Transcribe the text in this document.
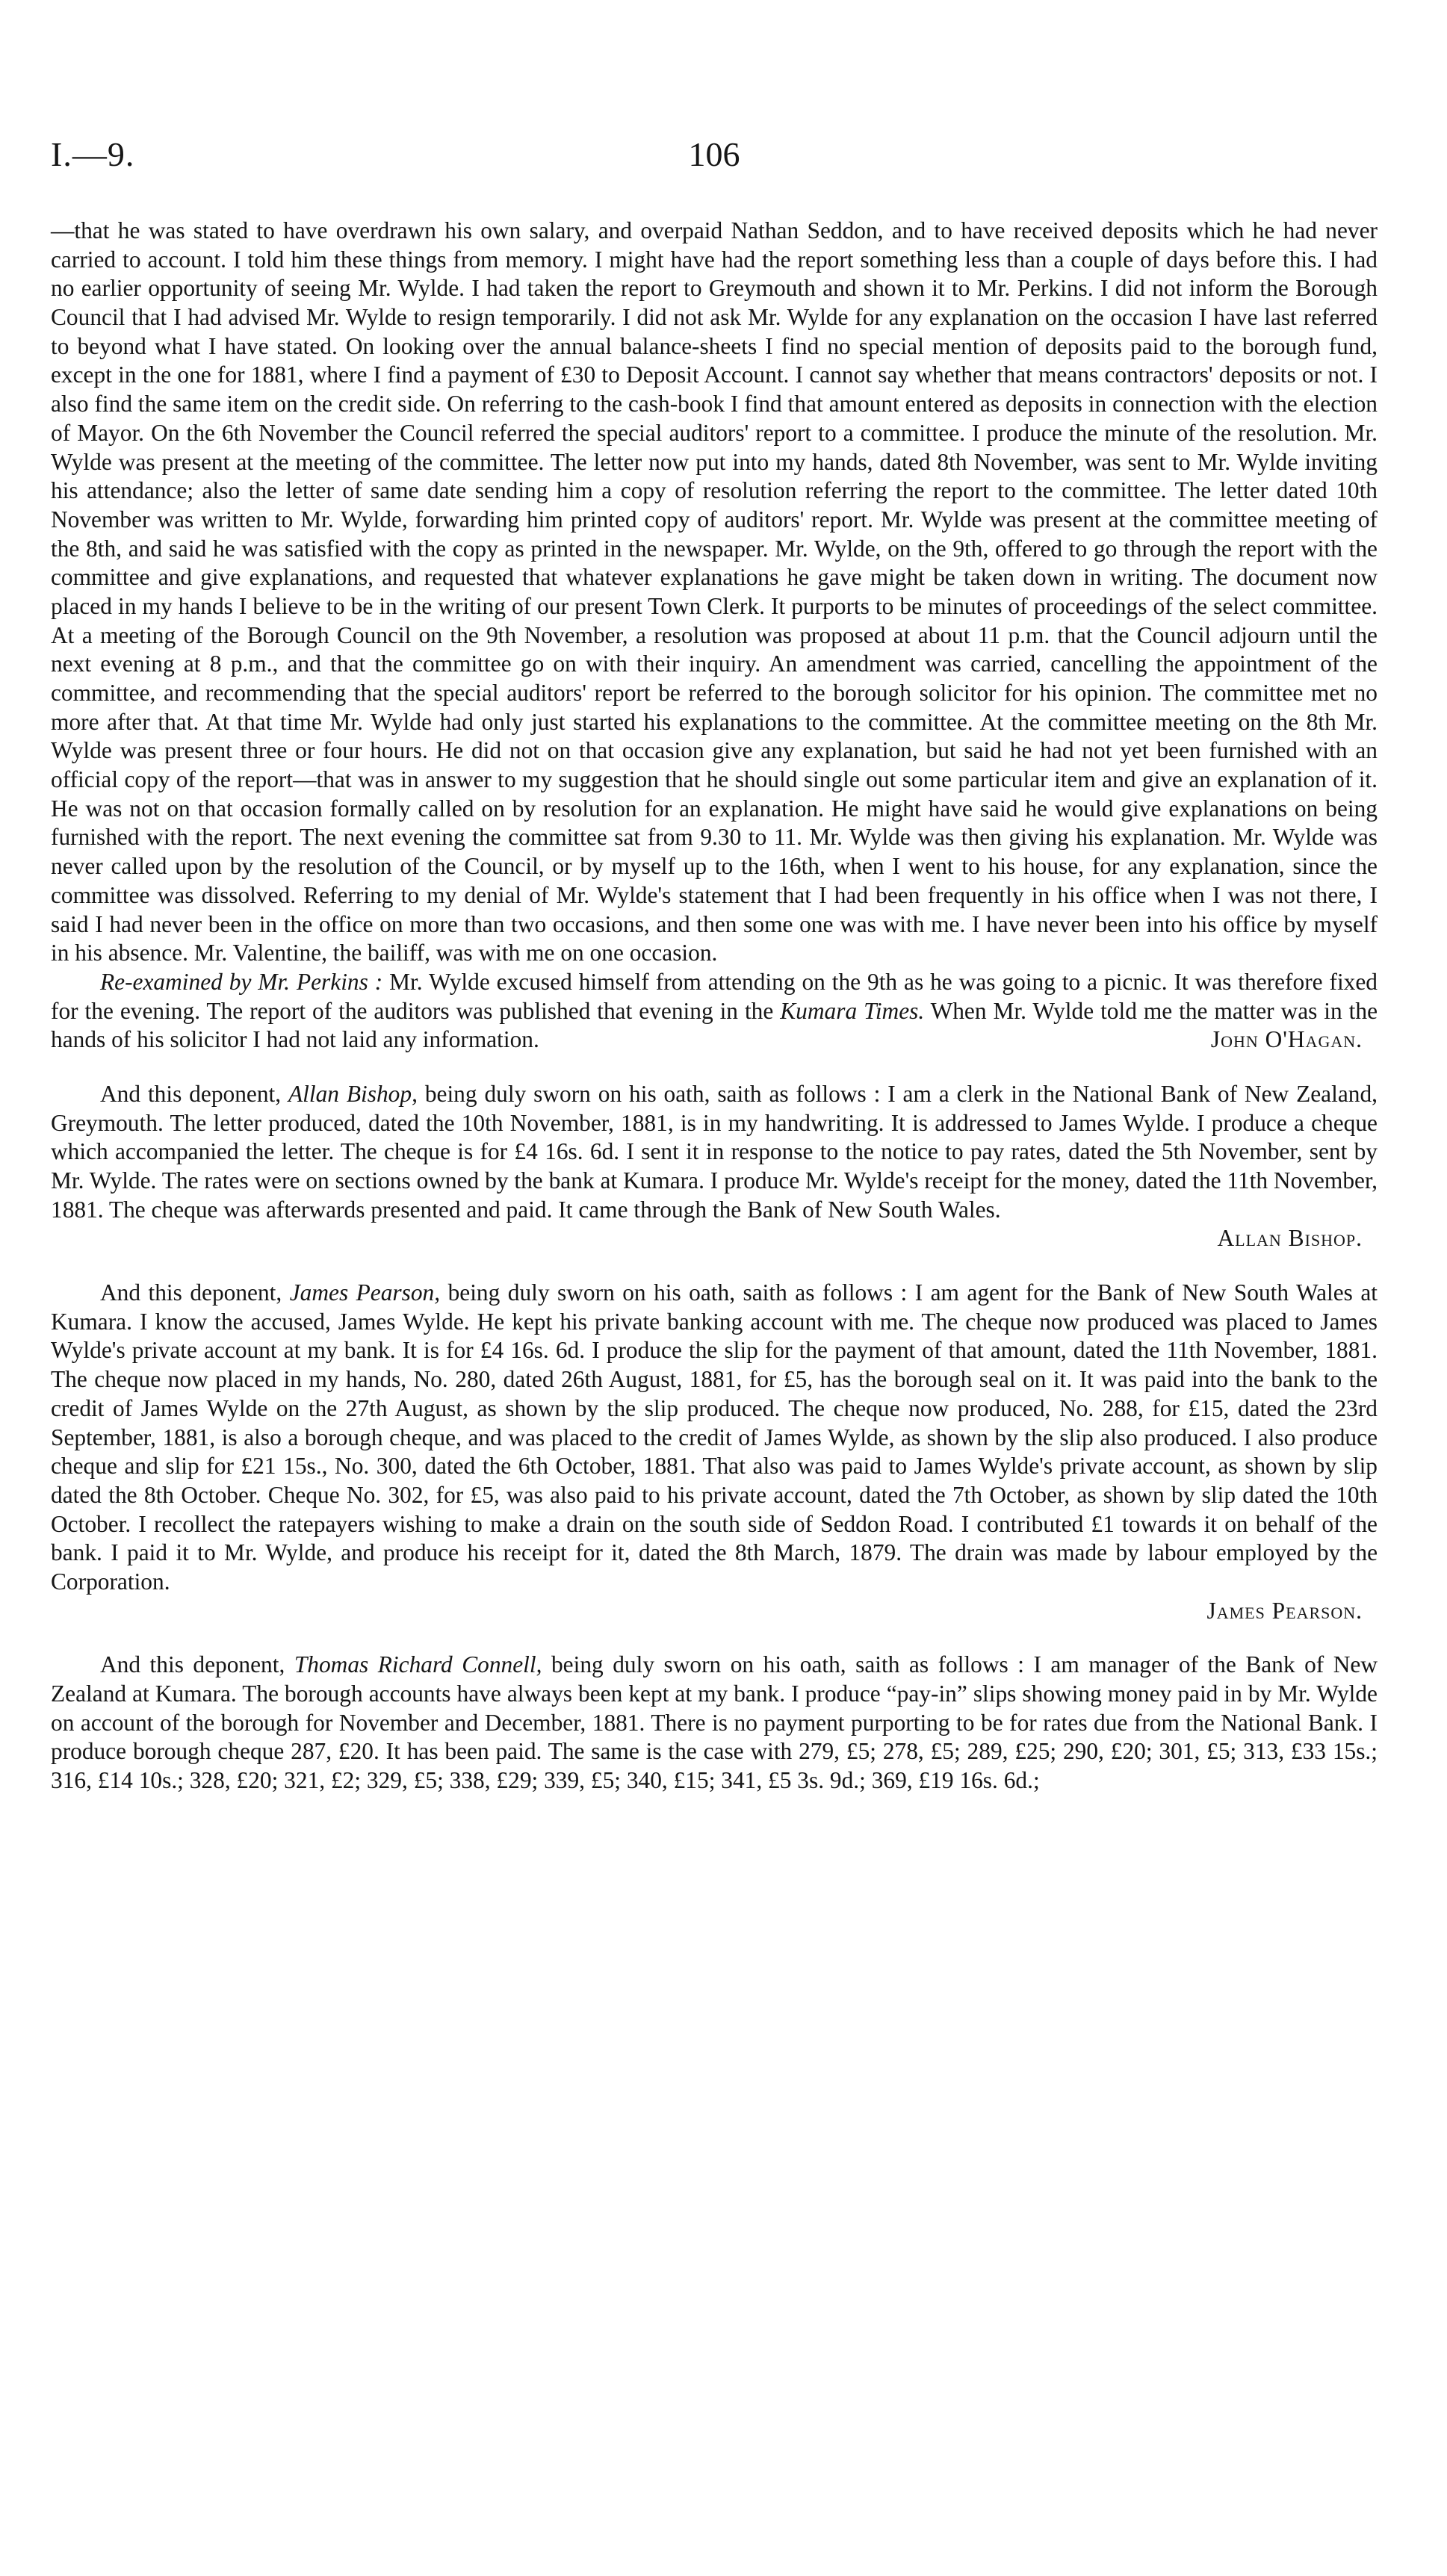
I.—9.	106

—that he was stated to have overdrawn his own salary, and overpaid Nathan Seddon, and to have received deposits which he had never carried to account. I told him these things from memory. I might have had the report something less than a couple of days before this. I had no earlier opportunity of seeing Mr. Wylde. I had taken the report to Greymouth and shown it to Mr. Perkins. I did not inform the Borough Council that I had advised Mr. Wylde to resign temporarily. I did not ask Mr. Wylde for any explanation on the occasion I have last referred to beyond what I have stated. On looking over the annual balance-sheets I find no special mention of deposits paid to the borough fund, except in the one for 1881, where I find a payment of £30 to Deposit Account. I cannot say whether that means contractors' deposits or not. I also find the same item on the credit side. On referring to the cash-book I find that amount entered as deposits in connection with the election of Mayor. On the 6th November the Council referred the special auditors' report to a committee. I produce the minute of the resolution. Mr. Wylde was present at the meeting of the committee. The letter now put into my hands, dated 8th November, was sent to Mr. Wylde inviting his attendance; also the letter of same date sending him a copy of resolution referring the report to the committee. The letter dated 10th November was written to Mr. Wylde, forwarding him printed copy of auditors' report. Mr. Wylde was present at the committee meeting of the 8th, and said he was satisfied with the copy as printed in the newspaper. Mr. Wylde, on the 9th, offered to go through the report with the committee and give explanations, and requested that whatever explanations he gave might be taken down in writing. The document now placed in my hands I believe to be in the writing of our present Town Clerk. It purports to be minutes of proceedings of the select committee. At a meeting of the Borough Council on the 9th November, a resolution was proposed at about 11 p.m. that the Council adjourn until the next evening at 8 p.m., and that the committee go on with their inquiry. An amendment was carried, cancelling the appointment of the committee, and recommending that the special auditors' report be referred to the borough solicitor for his opinion. The committee met no more after that. At that time Mr. Wylde had only just started his explanations to the committee. At the committee meeting on the 8th Mr. Wylde was present three or four hours. He did not on that occasion give any explanation, but said he had not yet been furnished with an official copy of the report—that was in answer to my suggestion that he should single out some particular item and give an explanation of it. He was not on that occasion formally called on by resolution for an explanation. He might have said he would give explanations on being furnished with the report. The next evening the committee sat from 9.30 to 11. Mr. Wylde was then giving his explanation. Mr. Wylde was never called upon by the resolution of the Council, or by myself up to the 16th, when I went to his house, for any explanation, since the committee was dissolved. Referring to my denial of Mr. Wylde's statement that I had been frequently in his office when I was not there, I said I had never been in the office on more than two occasions, and then some one was with me. I have never been into his office by myself in his absence. Mr. Valentine, the bailiff, was with me on one occasion.

Re-examined by Mr. Perkins : Mr. Wylde excused himself from attending on the 9th as he was going to a picnic. It was therefore fixed for the evening. The report of the auditors was published that evening in the Kumara Times. When Mr. Wylde told me the matter was in the hands of his solicitor I had not laid any information.	John O'Hagan.

And this deponent, Allan Bishop, being duly sworn on his oath, saith as follows : I am a clerk in the National Bank of New Zealand, Greymouth. The letter produced, dated the 10th November, 1881, is in my handwriting. It is addressed to James Wylde. I produce a cheque which accompanied the letter. The cheque is for £4 16s. 6d. I sent it in response to the notice to pay rates, dated the 5th November, sent by Mr. Wylde. The rates were on sections owned by the bank at Kumara. I produce Mr. Wylde's receipt for the money, dated the 11th November, 1881. The cheque was afterwards presented and paid. It came through the Bank of New South Wales.

Allan Bishop.

And this deponent, James Pearson, being duly sworn on his oath, saith as follows : I am agent for the Bank of New South Wales at Kumara. I know the accused, James Wylde. He kept his private banking account with me. The cheque now produced was placed to James Wylde's private account at my bank. It is for £4 16s. 6d. I produce the slip for the payment of that amount, dated the 11th November, 1881. The cheque now placed in my hands, No. 280, dated 26th August, 1881, for £5, has the borough seal on it. It was paid into the bank to the credit of James Wylde on the 27th August, as shown by the slip produced. The cheque now produced, No. 288, for £15, dated the 23rd September, 1881, is also a borough cheque, and was placed to the credit of James Wylde, as shown by the slip also produced. I also produce cheque and slip for £21 15s., No. 300, dated the 6th October, 1881. That also was paid to James Wylde's private account, as shown by slip dated the 8th October. Cheque No. 302, for £5, was also paid to his private account, dated the 7th October, as shown by slip dated the 10th October. I recollect the ratepayers wishing to make a drain on the south side of Seddon Road. I contributed £1 towards it on behalf of the bank. I paid it to Mr. Wylde, and produce his receipt for it, dated the 8th March, 1879. The drain was made by labour employed by the Corporation.

James Pearson.

And this deponent, Thomas Richard Connell, being duly sworn on his oath, saith as follows : I am manager of the Bank of New Zealand at Kumara. The borough accounts have always been kept at my bank. I produce “pay-in” slips showing money paid in by Mr. Wylde on account of the borough for November and December, 1881. There is no payment purporting to be for rates due from the National Bank. I produce borough cheque 287, £20. It has been paid. The same is the case with 279, £5; 278, £5; 289, £25; 290, £20; 301, £5; 313, £33 15s.; 316, £14 10s.; 328, £20; 321, £2; 329, £5; 338, £29; 339, £5; 340, £15; 341, £5 3s. 9d.; 369, £19 16s. 6d.;
